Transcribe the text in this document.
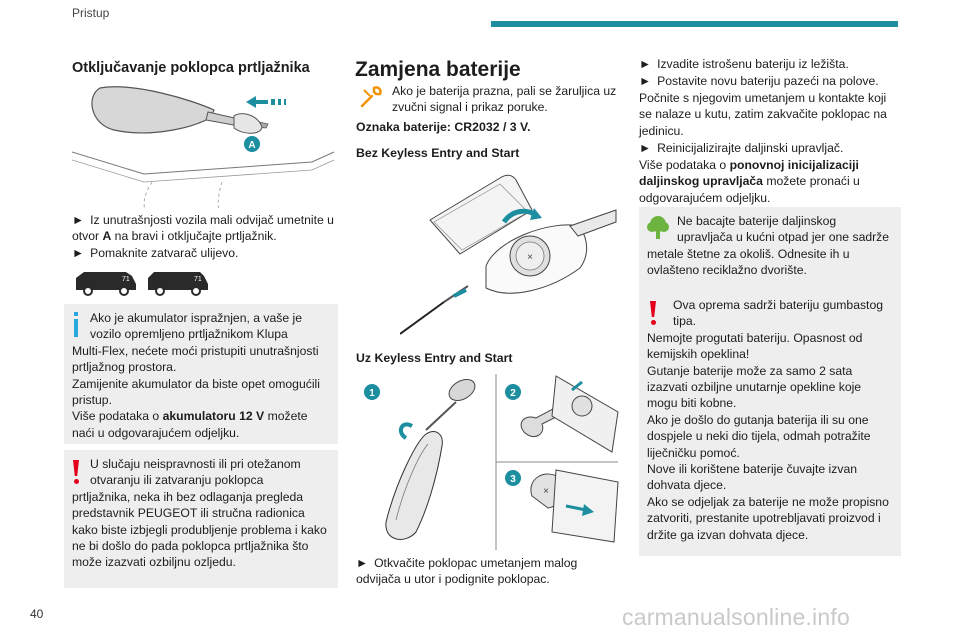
Pristup
Otključavanje poklopca prtljažnika
A
► Iz unutrašnjosti vozila mali odvijač umetnite u otvor A na bravi i otključajte prtljažnik.
► Pomaknite zatvarač ulijevo.
71	71
Ako je akumulator ispražnjen, a vaše je
vozilo opremljeno prtljažnikom Klupa
Multi-Flex, nećete moći pristupiti unutrašnjosti prtljažnog prostora.
Zamijenite akumulator da biste opet omogućili pristup.
Više podataka o akumulatoru 12 V možete naći u odgovarajućem odjeljku.
U slučaju neispravnosti ili pri otežanom
otvaranju ili zatvaranju poklopca
prtljažnika, neka ih bez odlaganja pregleda predstavnik PEUGEOT ili stručna radionica kako biste izbjegli produbljenje problema i kako ne bi došlo do pada poklopca prtljažnika što može izazvati ozbiljnu ozljedu.
Zamjena baterije
Ako je baterija prazna, pali se žaruljica uz
zvučni signal i prikaz poruke.
Oznaka baterije: CR2032 / 3 V.
Bez Keyless Entry and Start
×
Uz Keyless Entry and Start
1	2
3
×
► Otkvačite poklopac umetanjem malog odvijača u utor i podignite poklopac.
► Izvadite istrošenu bateriju iz ležišta.
► Postavite novu bateriju pazeći na polove.
Počnite s njegovim umetanjem u kontakte koji se nalaze u kutu, zatim zakvačite poklopac na jedinicu.
► Reinicijalizirajte daljinski upravljač.
Više podataka o ponovnoj inicijalizaciji daljinskog upravljača možete pronaći u odgovarajućem odjeljku.
Ne bacajte baterije daljinskog
upravljača u kućni otpad jer one sadrže
metale štetne za okoliš. Odnesite ih u ovlašteno reciklažno dvorište.
Ova oprema sadrži bateriju gumbastog
tipa.
Nemojte progutati bateriju. Opasnost od kemijskih opeklina!
Gutanje baterije može za samo 2 sata izazvati ozbiljne unutarnje opekline koje mogu biti kobne.
Ako je došlo do gutanja baterija ili su one dospjele u neki dio tijela, odmah potražite liječničku pomoć.
Nove ili korištene baterije čuvajte izvan dohvata djece.
Ako se odjeljak za baterije ne može propisno zatvoriti, prestanite upotrebljavati proizvod i držite ga izvan dohvata djece.
40	carmanualsonline.info
